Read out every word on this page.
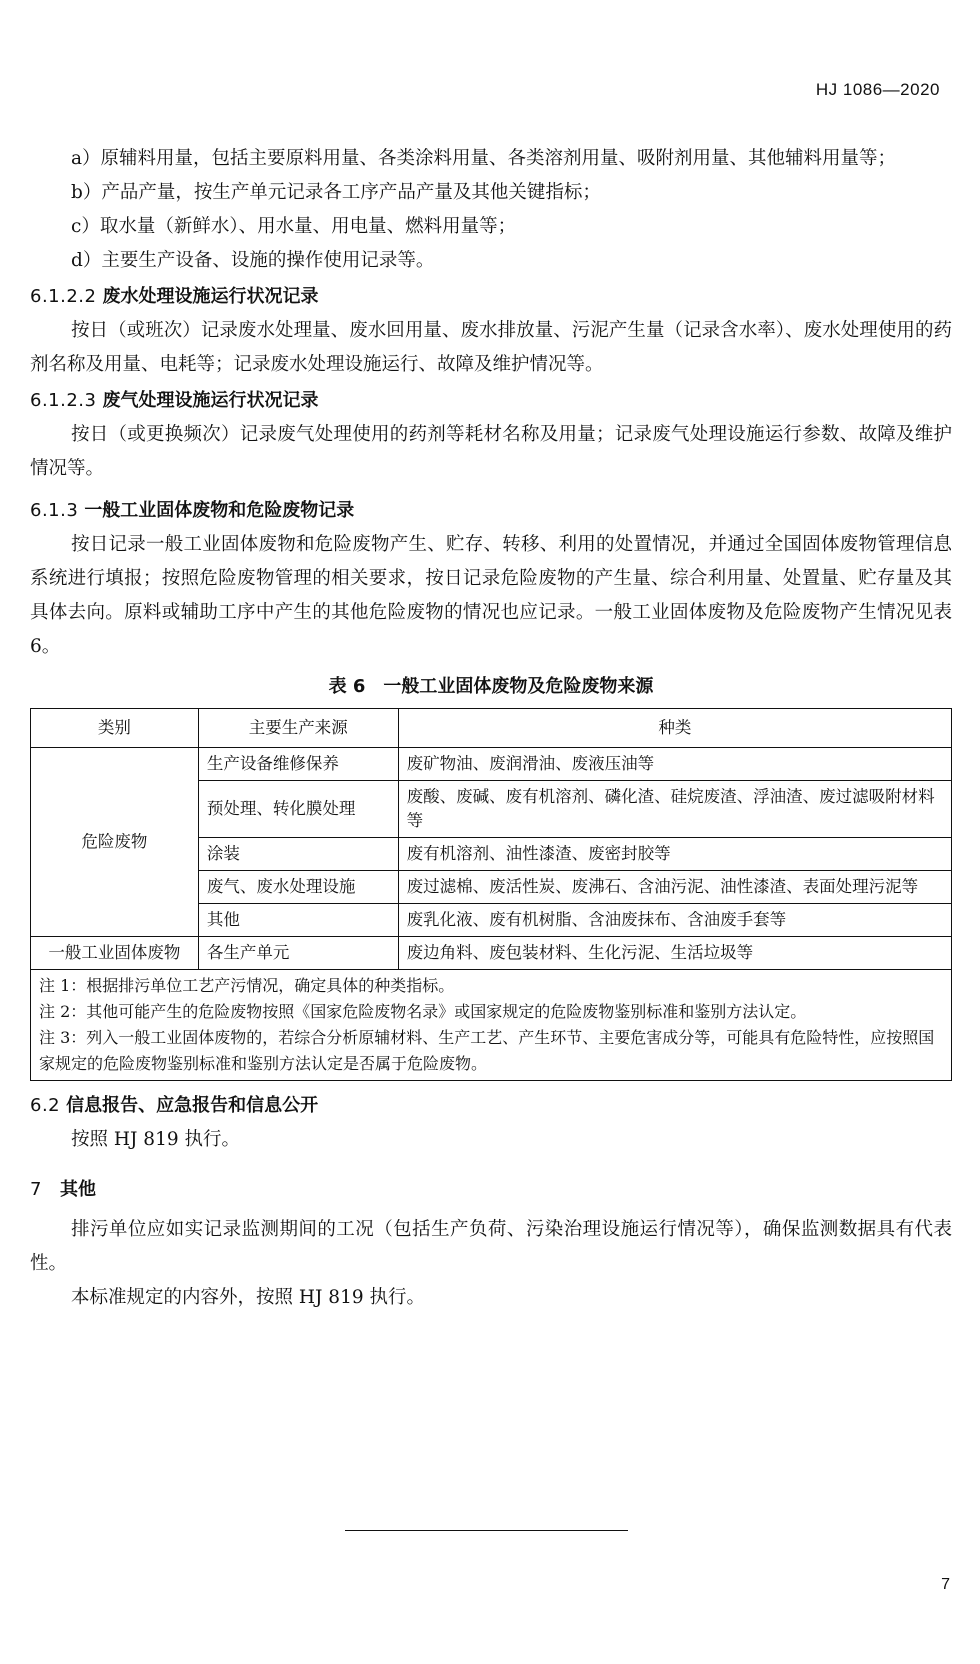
HJ 1086—2020

a）原辅料用量，包括主要原料用量、各类涂料用量、各类溶剂用量、吸附剂用量、其他辅料用量等；

b）产品产量，按生产单元记录各工序产品产量及其他关键指标；

c）取水量（新鲜水）、用水量、用电量、燃料用量等；

d）主要生产设备、设施的操作使用记录等。

6.1.2.2 废水处理设施运行状况记录

按日（或班次）记录废水处理量、废水回用量、废水排放量、污泥产生量（记录含水率）、废水处理使用的药剂名称及用量、电耗等；记录废水处理设施运行、故障及维护情况等。

6.1.2.3 废气处理设施运行状况记录

按日（或更换频次）记录废气处理使用的药剂等耗材名称及用量；记录废气处理设施运行参数、故障及维护情况等。

6.1.3 一般工业固体废物和危险废物记录

按日记录一般工业固体废物和危险废物产生、贮存、转移、利用的处置情况，并通过全国固体废物管理信息系统进行填报；按照危险废物管理的相关要求，按日记录危险废物的产生量、综合利用量、处置量、贮存量及其具体去向。原料或辅助工序中产生的其他危险废物的情况也应记录。一般工业固体废物及危险废物产生情况见表 6。

表 6　一般工业固体废物及危险废物来源
类别	主要生产来源	种类
危险废物	生产设备维修保养	废矿物油、废润滑油、废液压油等
	预处理、转化膜处理	废酸、废碱、废有机溶剂、磷化渣、硅烷废渣、浮油渣、废过滤吸附材料等
	涂装	废有机溶剂、油性漆渣、废密封胶等
	废气、废水处理设施	废过滤棉、废活性炭、废沸石、含油污泥、油性漆渣、表面处理污泥等
	其他	废乳化液、废有机树脂、含油废抹布、含油废手套等
一般工业固体废物	各生产单元	废边角料、废包装材料、生化污泥、生活垃圾等

注 1：根据排污单位工艺产污情况，确定具体的种类指标。
注 2：其他可能产生的危险废物按照《国家危险废物名录》或国家规定的危险废物鉴别标准和鉴别方法认定。
注 3：列入一般工业固体废物的，若综合分析原辅材料、生产工艺、产生环节、主要危害成分等，可能具有危险特性，应按照国家规定的危险废物鉴别标准和鉴别方法认定是否属于危险废物。		
6.2 信息报告、应急报告和信息公开

按照 HJ 819 执行。

7 其他

排污单位应如实记录监测期间的工况（包括生产负荷、污染治理设施运行情况等），确保监测数据具有代表性。

本标准规定的内容外，按照 HJ 819 执行。

7
